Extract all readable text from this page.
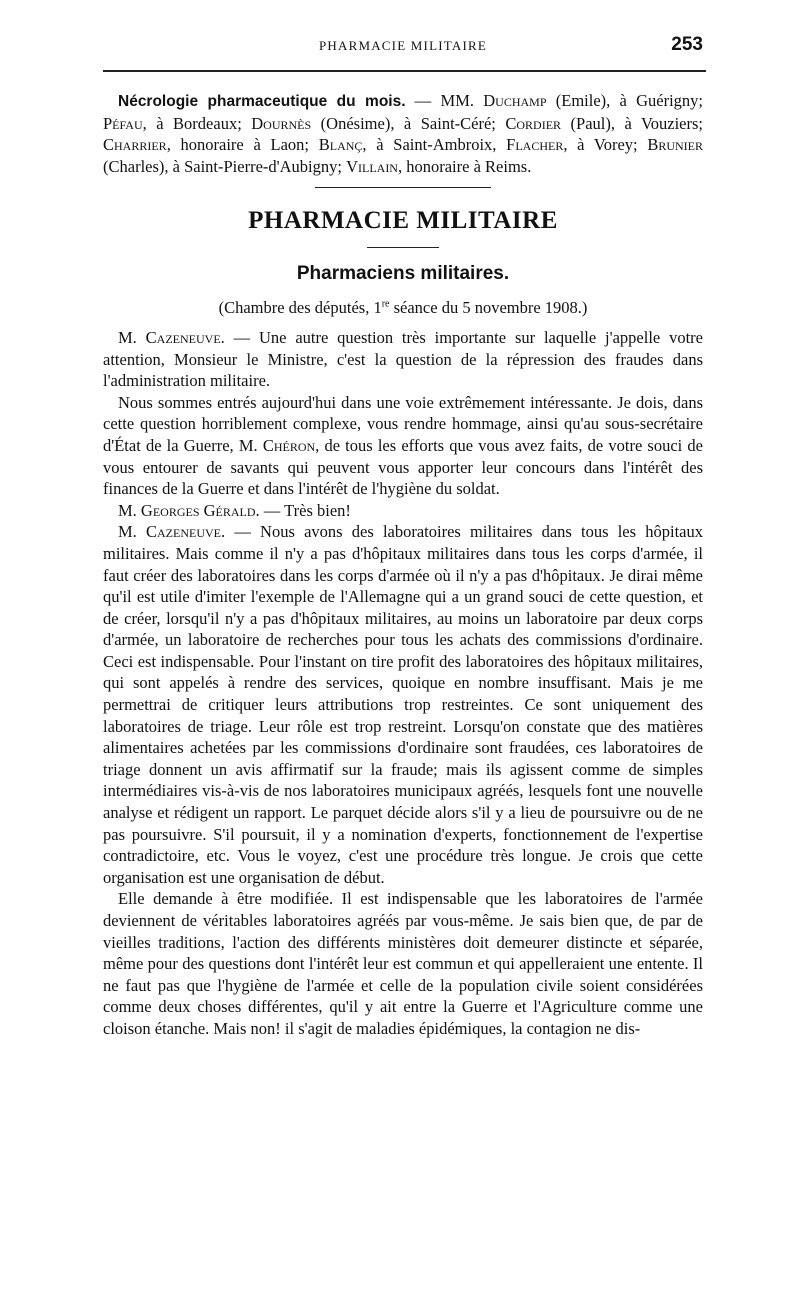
PHARMACIE MILITAIRE	253

Nécrologie pharmaceutique du mois. — MM. Duchamp (Emile), à Guérigny; Péfau, à Bordeaux; Dournès (Onésime), à Saint-Céré; Cordier (Paul), à Vouziers; Charrier, honoraire à Laon; Blanç, à Saint-Ambroix, Flacher, à Vorey; Brunier (Charles), à Saint-Pierre-d'Aubigny; Villain, honoraire à Reims.

PHARMACIE MILITAIRE
Pharmaciens militaires.
(Chambre des députés, 1re séance du 5 novembre 1908.)

M. Cazeneuve. — Une autre question très importante sur laquelle j'appelle votre attention, Monsieur le Ministre, c'est la question de la répression des fraudes dans l'administration militaire.

Nous sommes entrés aujourd'hui dans une voie extrêmement intéressante. Je dois, dans cette question horriblement complexe, vous rendre hommage, ainsi qu'au sous-secrétaire d'État de la Guerre, M. Chéron, de tous les efforts que vous avez faits, de votre souci de vous entourer de savants qui peuvent vous apporter leur concours dans l'intérêt des finances de la Guerre et dans l'intérêt de l'hygiène du soldat.

M. Georges Gérald. — Très bien!

M. Cazeneuve. — Nous avons des laboratoires militaires dans tous les hôpitaux militaires. Mais comme il n'y a pas d'hôpitaux militaires dans tous les corps d'armée, il faut créer des laboratoires dans les corps d'armée où il n'y a pas d'hôpitaux. Je dirai même qu'il est utile d'imiter l'exemple de l'Allemagne qui a un grand souci de cette question, et de créer, lorsqu'il n'y a pas d'hôpitaux militaires, au moins un laboratoire par deux corps d'armée, un laboratoire de recherches pour tous les achats des commissions d'ordinaire. Ceci est indispensable. Pour l'instant on tire profit des laboratoires des hôpitaux militaires, qui sont appelés à rendre des services, quoique en nombre insuffisant. Mais je me permettrai de critiquer leurs attributions trop restreintes. Ce sont uniquement des laboratoires de triage. Leur rôle est trop restreint. Lorsqu'on constate que des matières alimentaires achetées par les commissions d'ordinaire sont fraudées, ces laboratoires de triage donnent un avis affirmatif sur la fraude; mais ils agissent comme de simples intermédiaires vis-à-vis de nos laboratoires municipaux agréés, lesquels font une nouvelle analyse et rédigent un rapport. Le parquet décide alors s'il y a lieu de poursuivre ou de ne pas poursuivre. S'il poursuit, il y a nomination d'experts, fonctionnement de l'expertise contradictoire, etc. Vous le voyez, c'est une procédure très longue. Je crois que cette organisation est une organisation de début.

Elle demande à être modifiée. Il est indispensable que les laboratoires de l'armée deviennent de véritables laboratoires agréés par vous-même. Je sais bien que, de par de vieilles traditions, l'action des différents ministères doit demeurer distincte et séparée, même pour des questions dont l'intérêt leur est commun et qui appelleraient une entente. Il ne faut pas que l'hygiène de l'armée et celle de la population civile soient considérées comme deux choses différentes, qu'il y ait entre la Guerre et l'Agriculture comme une cloison étanche. Mais non! il s'agit de maladies épidémiques, la contagion ne dis-
